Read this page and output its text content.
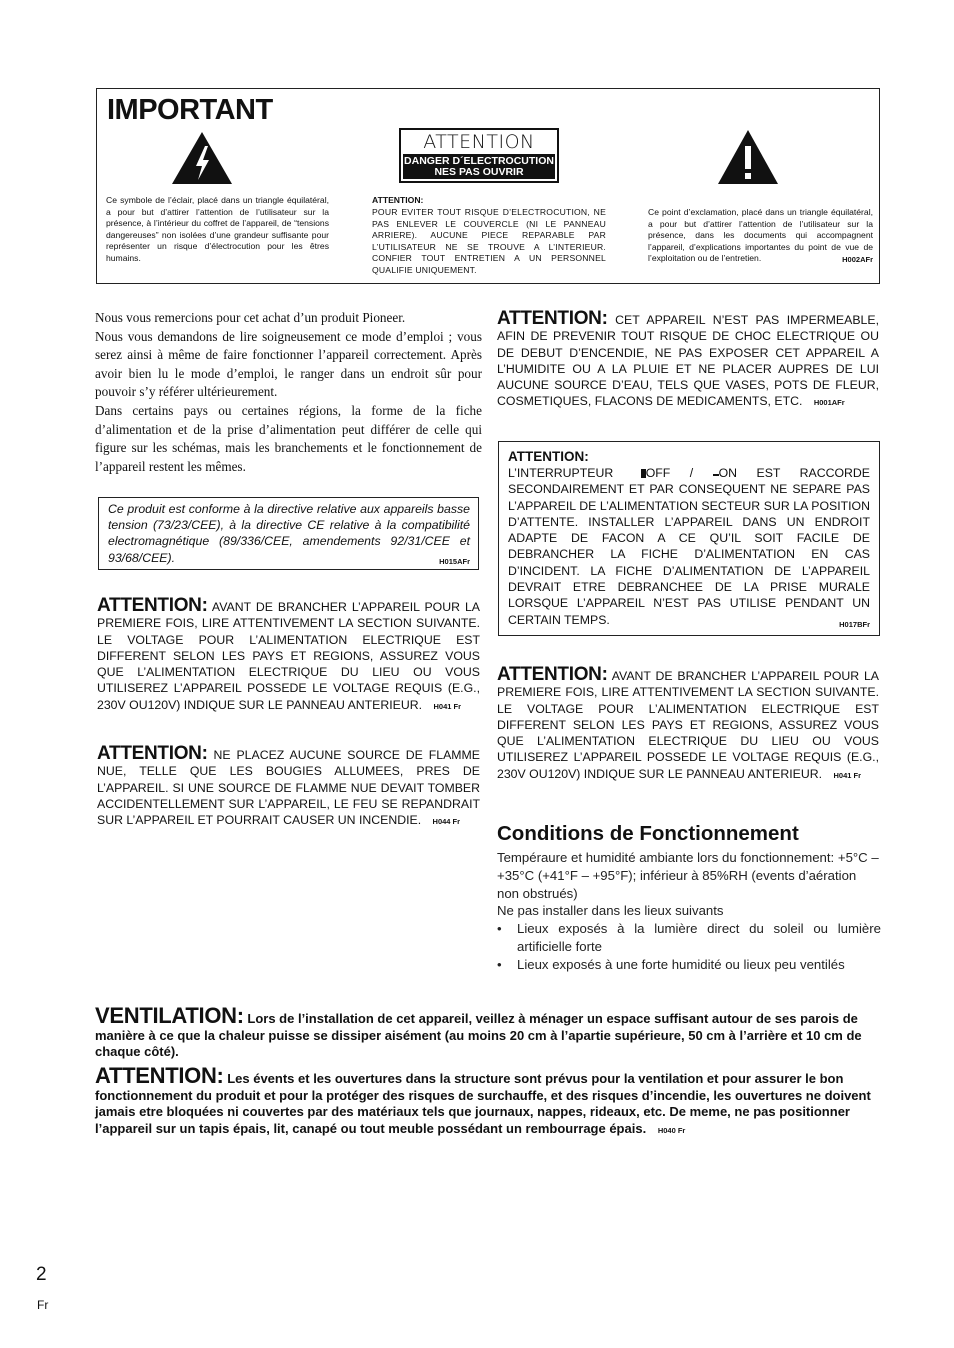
IMPORTANT
Ce symbole de l’éclair, placé dans un triangle équilatéral, a pour but d’attirer l’attention de l’utilisateur sur la présence, à l’intérieur du coffret de l’appareil, de “tensions dangereuses” non isolées d’une grandeur suffisante pour représenter un risque d’électrocution pour les êtres humains.
ATTENTION
DANGER D´ELECTROCUTION NES PAS OUVRIR
ATTENTION:
POUR EVITER TOUT RISQUE D’ELECTROCUTION, NE PAS ENLEVER LE COUVERCLE (NI LE PANNEAU ARRIERE). AUCUNE PIECE REPARABLE PAR L’UTILISATEUR NE SE TROUVE A L’INTERIEUR. CONFIER TOUT ENTRETIEN A UN PERSONNEL QUALIFIE UNIQUEMENT.
Ce point d’exclamation, placé dans un triangle équilatéral, a pour but d’attirer l’attention de l’utilisateur sur la présence, dans les documents qui accompagnent l’appareil, d’explications importantes du point de vue de l’exploitation ou de l’entretien.	H002AFr
Nous vous remercions pour cet achat d’un produit Pioneer.
Nous vous demandons de lire soigneusement ce mode d’emploi ; vous serez ainsi à même de faire fonctionner l’appareil correctement. Après avoir bien lu le mode d’emploi, le ranger dans un endroit sûr pour pouvoir s’y référer ultérieurement.
Dans certains pays ou certaines régions, la forme de la fiche d’alimentation et de la prise d’alimentation peut différer de celle qui figure sur les schémas, mais les branchements et le fonctionnement de l’appareil restent les mêmes.
Ce produit est conforme à la directive relative aux appareils basse tension (73/23/CEE), à la directive CE relative à la compatibilité electromagnétique (89/336/CEE, amendements 92/31/CEE et 93/68/CEE).	H015AFr
ATTENTION: AVANT DE BRANCHER L’APPAREIL POUR LA PREMIERE FOIS, LIRE ATTENTIVEMENT LA SECTION SUIVANTE. LE VOLTAGE POUR L’ALIMENTATION ELECTRIQUE EST DIFFERENT SELON LES PAYS ET REGIONS, ASSUREZ VOUS QUE L’ALIMENTATION ELECTRIQUE DU LIEU OU VOUS UTILISEREZ L’APPAREIL POSSEDE LE VOLTAGE REQUIS (E.G., 230V OU120V) INDIQUE SUR LE PANNEAU ANTERIEUR. H041 Fr
ATTENTION: NE PLACEZ AUCUNE SOURCE DE FLAMME NUE, TELLE QUE LES BOUGIES ALLUMEES, PRES DE L’APPAREIL. SI UNE SOURCE DE FLAMME NUE DEVAIT TOMBER ACCIDENTELLEMENT SUR L’APPAREIL, LE FEU SE REPANDRAIT SUR L’APPAREIL ET POURRAIT CAUSER UN INCENDIE. H044 Fr
ATTENTION: CET APPAREIL N’EST PAS IMPERMEABLE, AFIN DE PREVENIR TOUT RISQUE DE CHOC ELECTRIQUE OU DE DEBUT D’ENCENDIE, NE PAS EXPOSER CET APPAREIL A L’HUMIDITE OU A LA PLUIE ET NE PLACER AUPRES DE LUI AUCUNE SOURCE D’EAU, TELS QUE VASES, POTS DE FLEUR, COSMETIQUES, FLACONS DE MEDICAMENTS, ETC. H001AFr
ATTENTION:
L’INTERRUPTEUR	OFF / ON EST RACCORDE SECONDAIREMENT ET PAR CONSEQUENT NE SEPARE PAS L’APPAREIL DE L’ALIMENTATION SECTEUR SUR LA POSITION D’ATTENTE. INSTALLER L’APPAREIL DANS UN ENDROIT ADAPTE DE FACON A CE QU’IL SOIT FACILE DE DEBRANCHER LA FICHE D’ALIMENTATION EN CAS D’INCIDENT. LA FICHE D’ALIMENTATION DE L’APPAREIL DEVRAIT ETRE DEBRANCHEE DE LA PRISE MURALE LORSQUE L’APPAREIL N’EST PAS UTILISE PENDANT UN CERTAIN TEMPS.	H017BFr
ATTENTION: AVANT DE BRANCHER L’APPAREIL POUR LA PREMIERE FOIS, LIRE ATTENTIVEMENT LA SECTION SUIVANTE. LE VOLTAGE POUR L’ALIMENTATION ELECTRIQUE EST DIFFERENT SELON LES PAYS ET REGIONS, ASSUREZ VOUS QUE L’ALIMENTATION ELECTRIQUE DU LIEU OU VOUS UTILISEREZ L’APPAREIL POSSEDE LE VOLTAGE REQUIS (E.G., 230V OU120V) INDIQUE SUR LE PANNEAU ANTERIEUR. H041 Fr
Conditions de Fonctionnement
Tempéraure et humidité ambiante lors du fonctionnement: +5°C – +35°C (+41°F – +95°F); inférieur à 85%RH (events d’aération non obstrués)
Ne pas installer dans les lieux suivants
• Lieux exposés à la lumière direct du soleil ou lumière artificielle forte
• Lieux exposés à une forte humidité ou lieux peu ventilés
VENTILATION: Lors de l’installation de cet appareil, veillez à ménager un espace suffisant autour de ses parois de manière à ce que la chaleur puisse se dissiper aisément (au moins 20 cm à l’apartie supérieure, 50 cm à l’arrière et 10 cm de chaque côté).
ATTENTION: Les évents et les ouvertures dans la structure sont prévus pour la ventilation et pour assurer le bon fonctionnement du produit et pour la protéger des risques de surchauffe, et des risques d’incendie, les ouvertures ne doivent jamais etre bloquées ni couvertes par des matériaux tels que journaux, nappes, rideaux, etc. De meme, ne pas positionner l’appareil sur un tapis épais, lit, canapé ou tout meuble possédant un rembourrage épais. H040 Fr
2
Fr
